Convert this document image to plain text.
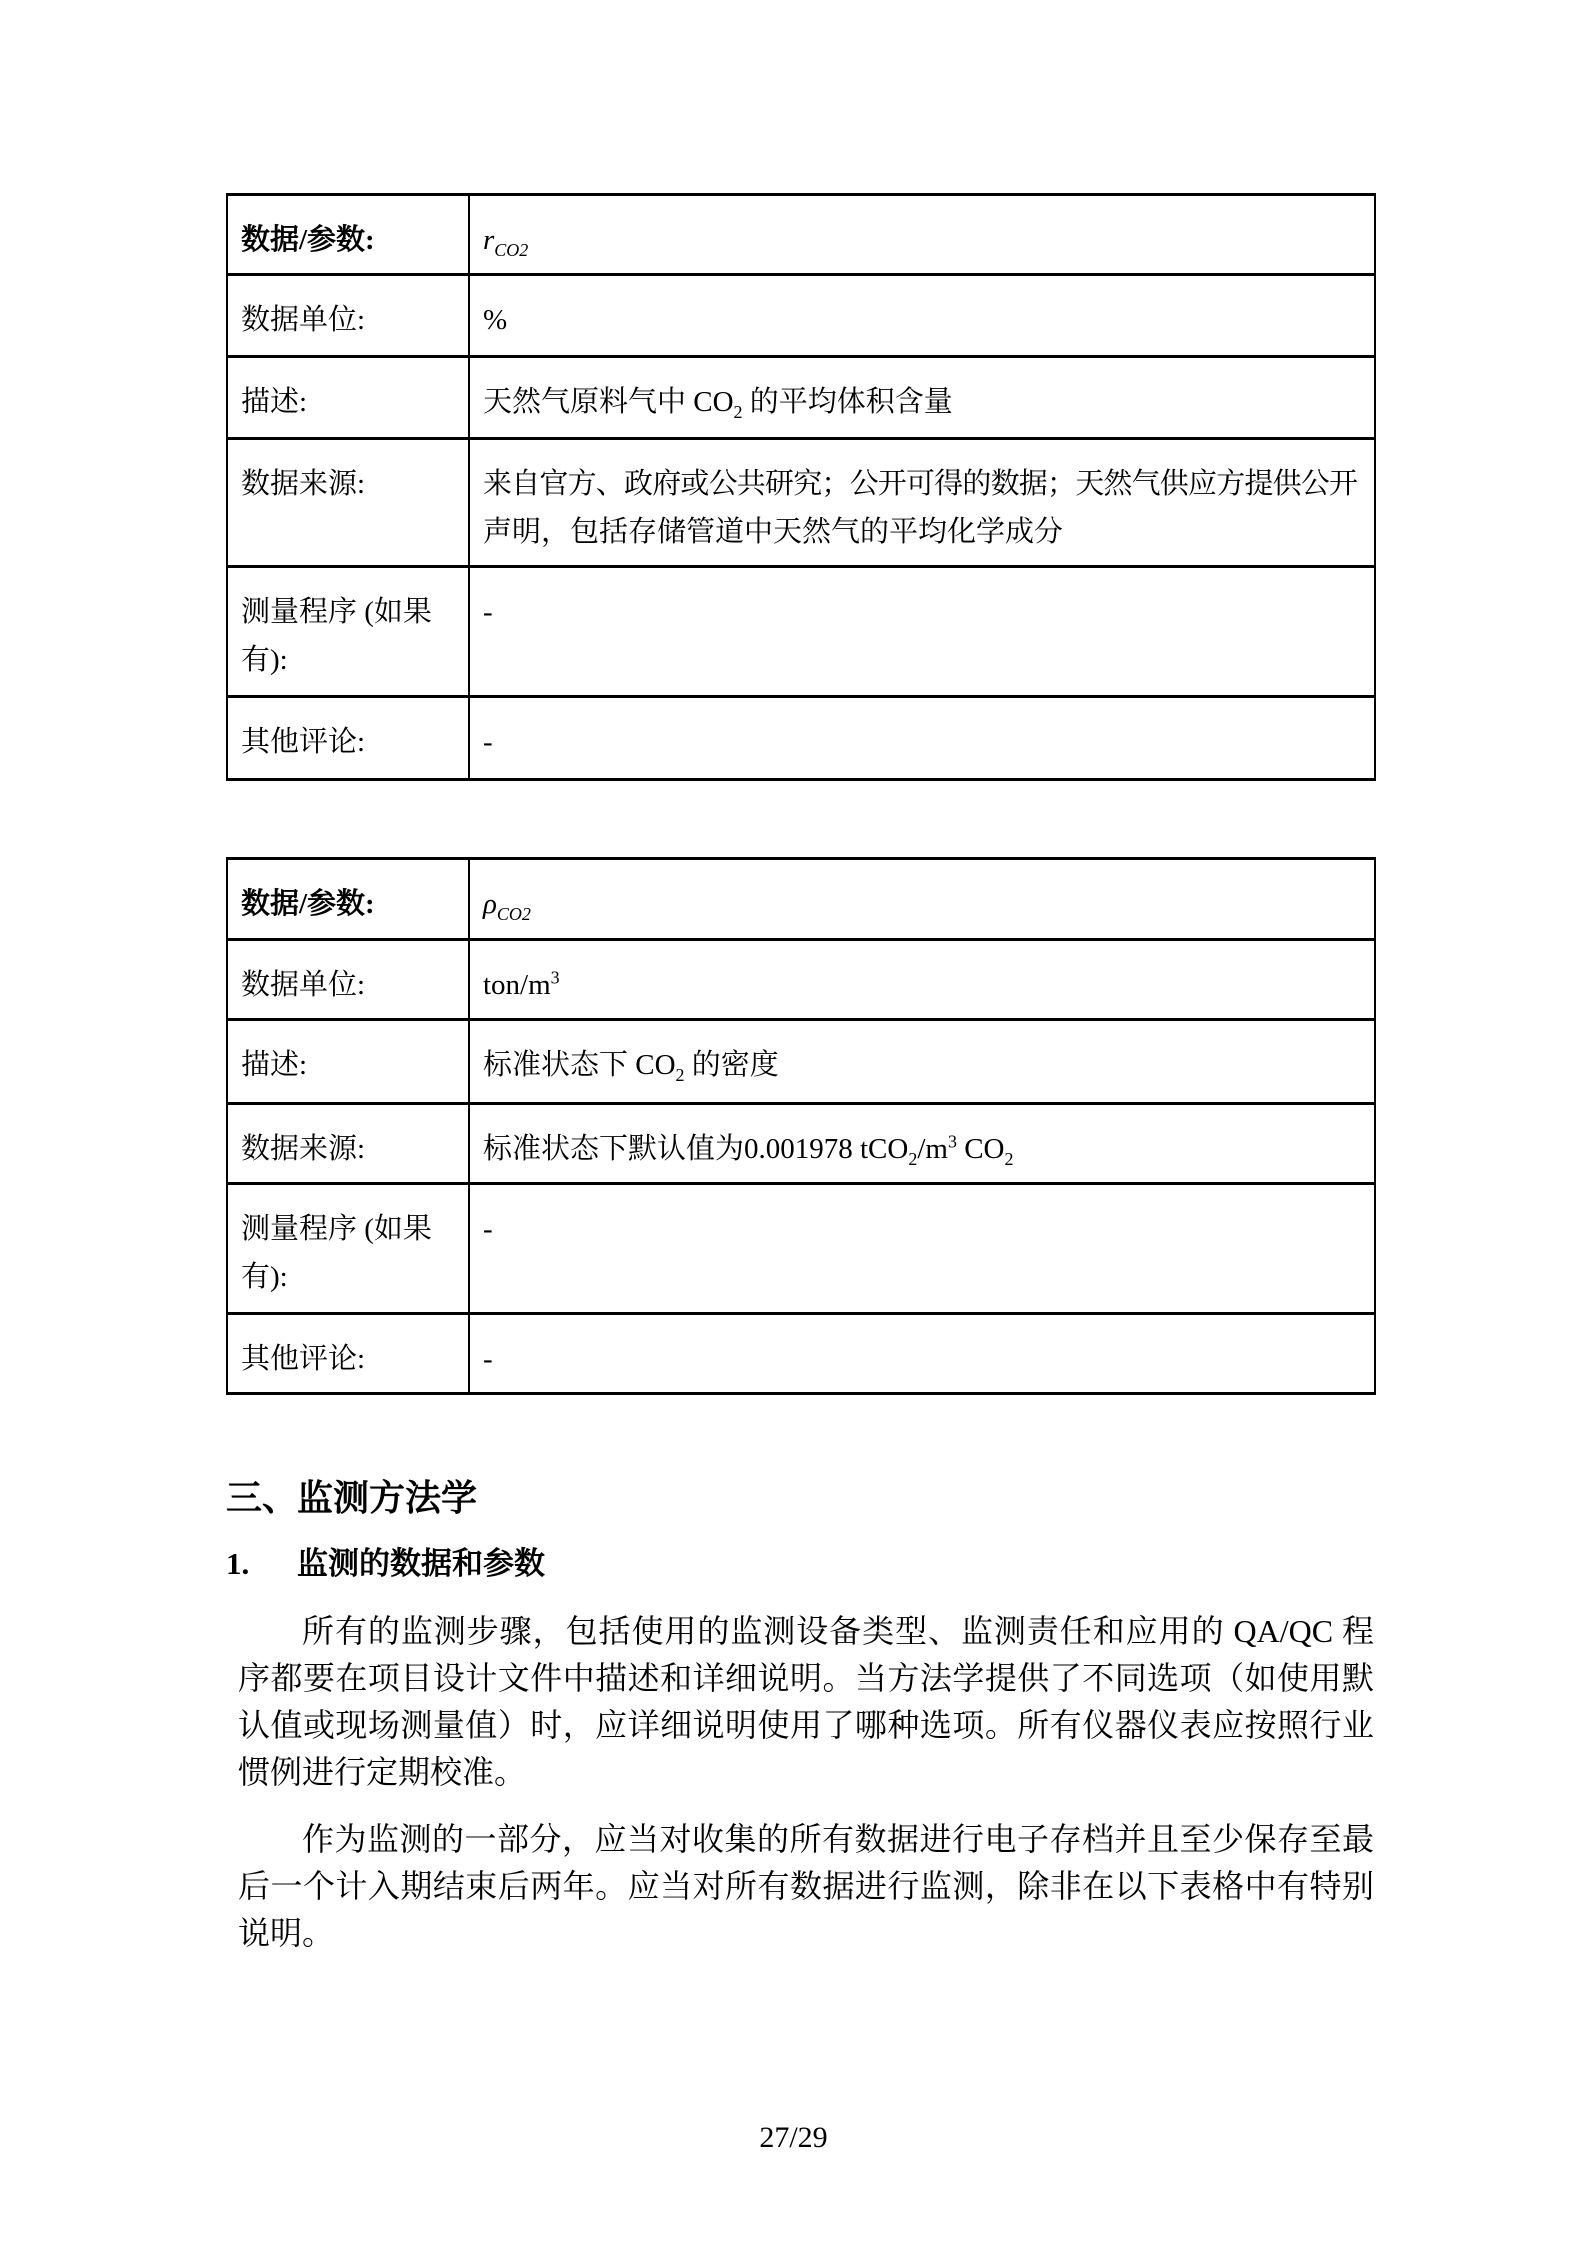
数据/参数:	$r_{CO2}$
数据单位:	%
描述:	天然气原料气中 $CO_2$ 的平均体积含量
数据来源:	来自官方、政府或公共研究；公开可得的数据；天然气供应方提供公开
声明，包括存储管道中天然气的平均化学成分

测量程序 (如果
有):	-
其他评论:	-
数据/参数:	$\rho_{CO2}$
数据单位:	ton/$m^3$
描述:	标准状态下 $CO_2$ 的密度
数据来源:	标准状态下默认值为0.001978 $tCO_2/m^3$ $CO_2$

测量程序 (如果
有):	-
其他评论:	-
三、监测方法学
1. 监测的数据和参数

所有的监测步骤，包括使用的监测设备类型、监测责任和应用的 QA/QC 程序都要在项目设计文件中描述和详细说明。当方法学提供了不同选项（如使用默认值或现场测量值）时，应详细说明使用了哪种选项。所有仪器仪表应按照行业惯例进行定期校准。

作为监测的一部分，应当对收集的所有数据进行电子存档并且至少保存至最后一个计入期结束后两年。应当对所有数据进行监测，除非在以下表格中有特别说明。

27/29
